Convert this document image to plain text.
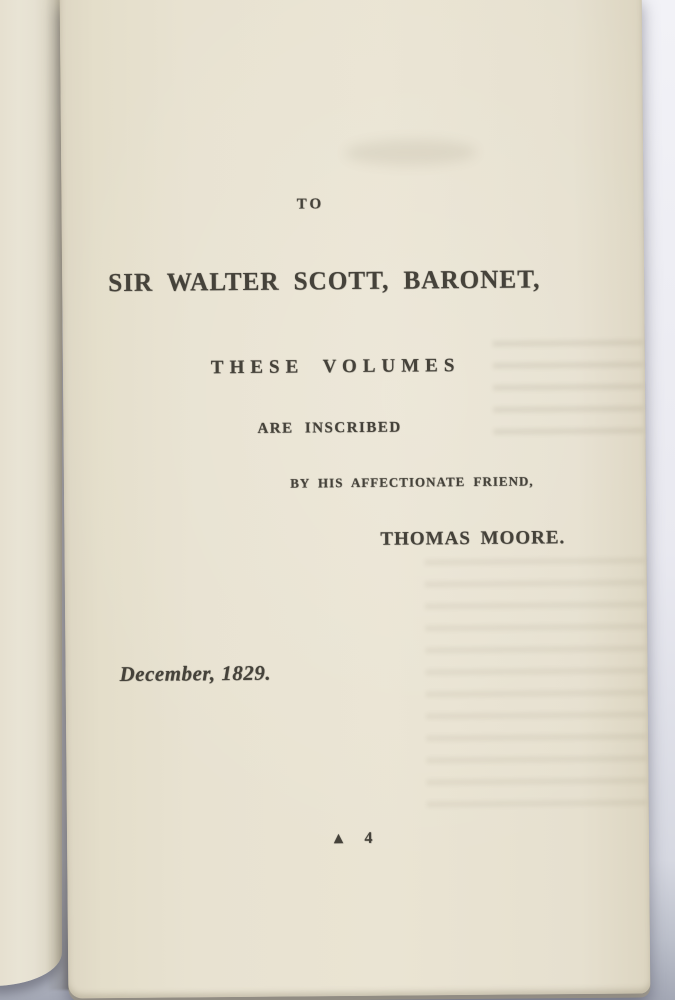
TO
SIR WALTER SCOTT, BARONET,
THESE VOLUMES
ARE INSCRIBED
BY HIS AFFECTIONATE FRIEND,
THOMAS MOORE.
December, 1829.
▲ 4
